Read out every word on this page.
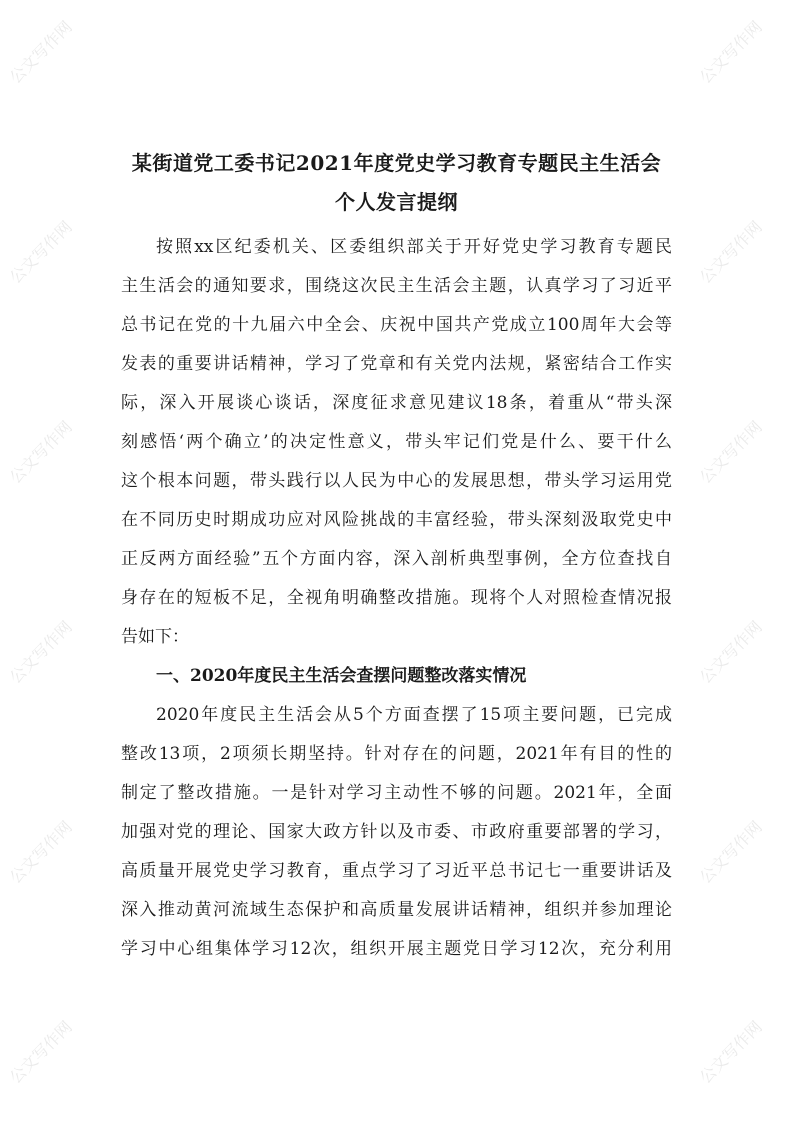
某街道党工委书记2021年度党史学习教育专题民主生活会
个人发言提纲
按照xx区纪委机关、区委组织部关于开好党史学习教育专题民
主生活会的通知要求，围绕这次民主生活会主题，认真学习了习近平
总书记在党的十九届六中全会、庆祝中国共产党成立100周年大会等
发表的重要讲话精神，学习了党章和有关党内法规，紧密结合工作实
际，深入开展谈心谈话，深度征求意见建议18条，着重从“带头深
刻感悟‘两个确立’的决定性意义，带头牢记们党是什么、要干什么
这个根本问题，带头践行以人民为中心的发展思想，带头学习运用党
在不同历史时期成功应对风险挑战的丰富经验，带头深刻汲取党史中
正反两方面经验”五个方面内容，深入剖析典型事例，全方位查找自
身存在的短板不足，全视角明确整改措施。现将个人对照检查情况报
告如下：
一、2020年度民主生活会查摆问题整改落实情况
2020年度民主生活会从5个方面查摆了15项主要问题，已完成
整改13项，2项须长期坚持。针对存在的问题，2021年有目的性的
制定了整改措施。一是针对学习主动性不够的问题。2021年，全面
加强对党的理论、国家大政方针以及市委、市政府重要部署的学习，
高质量开展党史学习教育，重点学习了习近平总书记七一重要讲话及
深入推动黄河流域生态保护和高质量发展讲话精神，组织并参加理论
学习中心组集体学习12次，组织开展主题党日学习12次，充分利用
公文写作网	公文写作网
公文写作网	公文写作网
公文写作网	公文写作网
公文写作网	公文写作网
公文写作网	公文写作网
公文写作网	公文写作网
